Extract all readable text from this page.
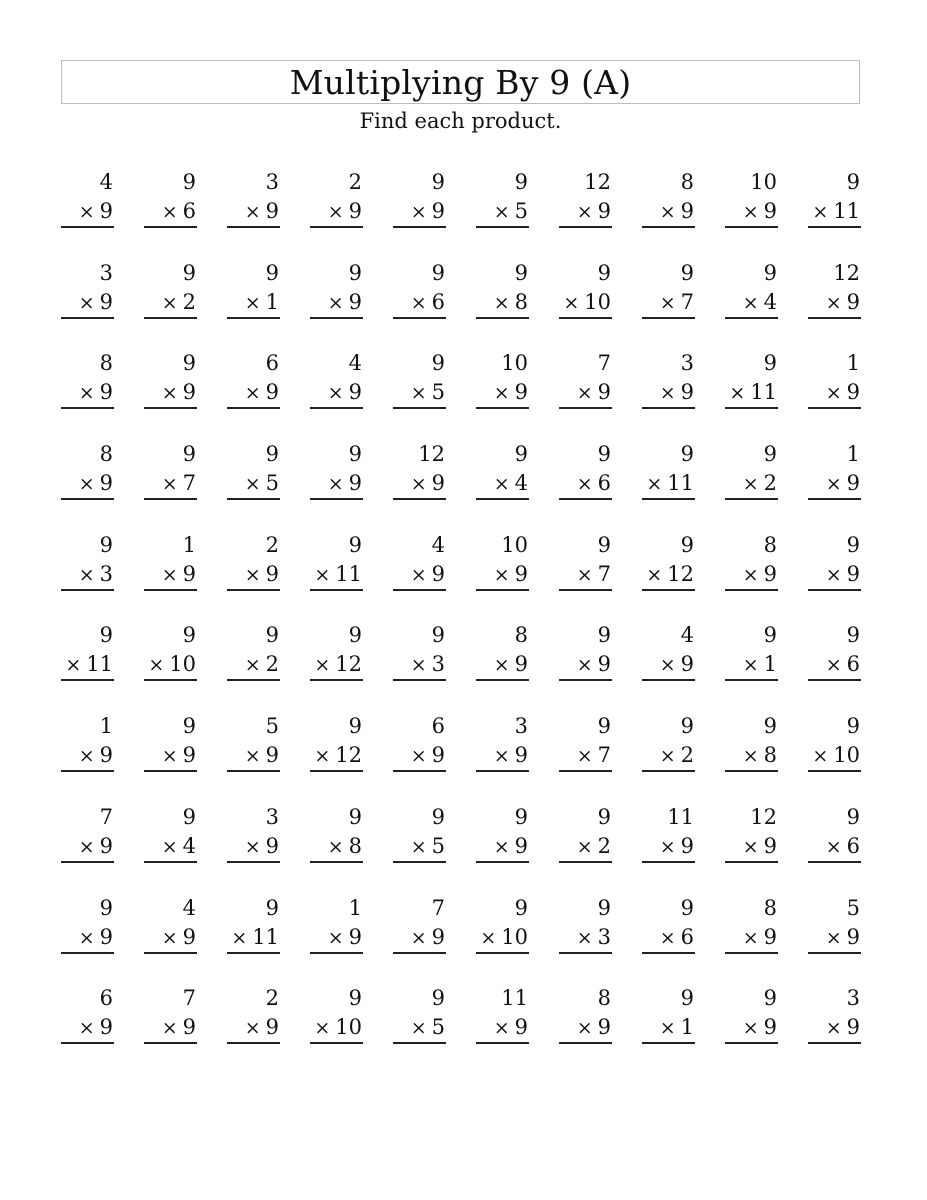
Multiplying By 9 (A)
Find each product.
4
× 9
9
× 6
3
× 9
2
× 9
9
× 9
9
× 5
12
× 9
8
× 9
10
× 9
9
× 11
3
× 9
9
× 2
9
× 1
9
× 9
9
× 6
9
× 8
9
× 10
9
× 7
9
× 4
12
× 9
8
× 9
9
× 9
6
× 9
4
× 9
9
× 5
10
× 9
7
× 9
3
× 9
9
× 11
1
× 9
8
× 9
9
× 7
9
× 5
9
× 9
12
× 9
9
× 4
9
× 6
9
× 11
9
× 2
1
× 9
9
× 3
1
× 9
2
× 9
9
× 11
4
× 9
10
× 9
9
× 7
9
× 12
8
× 9
9
× 9
9
× 11
9
× 10
9
× 2
9
× 12
9
× 3
8
× 9
9
× 9
4
× 9
9
× 1
9
× 6
1
× 9
9
× 9
5
× 9
9
× 12
6
× 9
3
× 9
9
× 7
9
× 2
9
× 8
9
× 10
7
× 9
9
× 4
3
× 9
9
× 8
9
× 5
9
× 9
9
× 2
11
× 9
12
× 9
9
× 6
9
× 9
4
× 9
9
× 11
1
× 9
7
× 9
9
× 10
9
× 3
9
× 6
8
× 9
5
× 9
6
× 9
7
× 9
2
× 9
9
× 10
9
× 5
11
× 9
8
× 9
9
× 1
9
× 9
3
× 9
